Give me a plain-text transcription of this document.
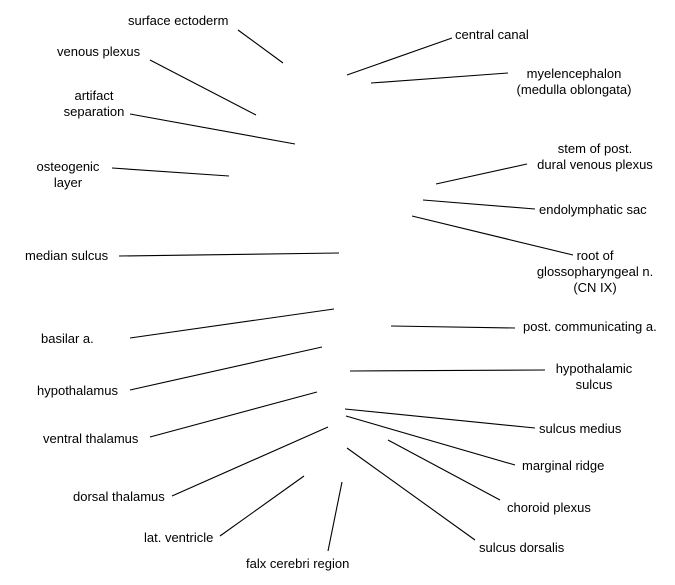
surface ectoderm
venous plexus
artifact
separation
osteogenic
layer
median sulcus
basilar a.
hypothalamus
ventral thalamus
dorsal thalamus
lat. ventricle
falx cerebri region
central canal
myelencephalon
(medulla oblongata)
stem of post.
dural venous plexus
endolymphatic sac
root of
glossopharyngeal n.
(CN IX)
post. communicating a.
hypothalamic
sulcus
sulcus medius
marginal ridge
choroid plexus
sulcus dorsalis
